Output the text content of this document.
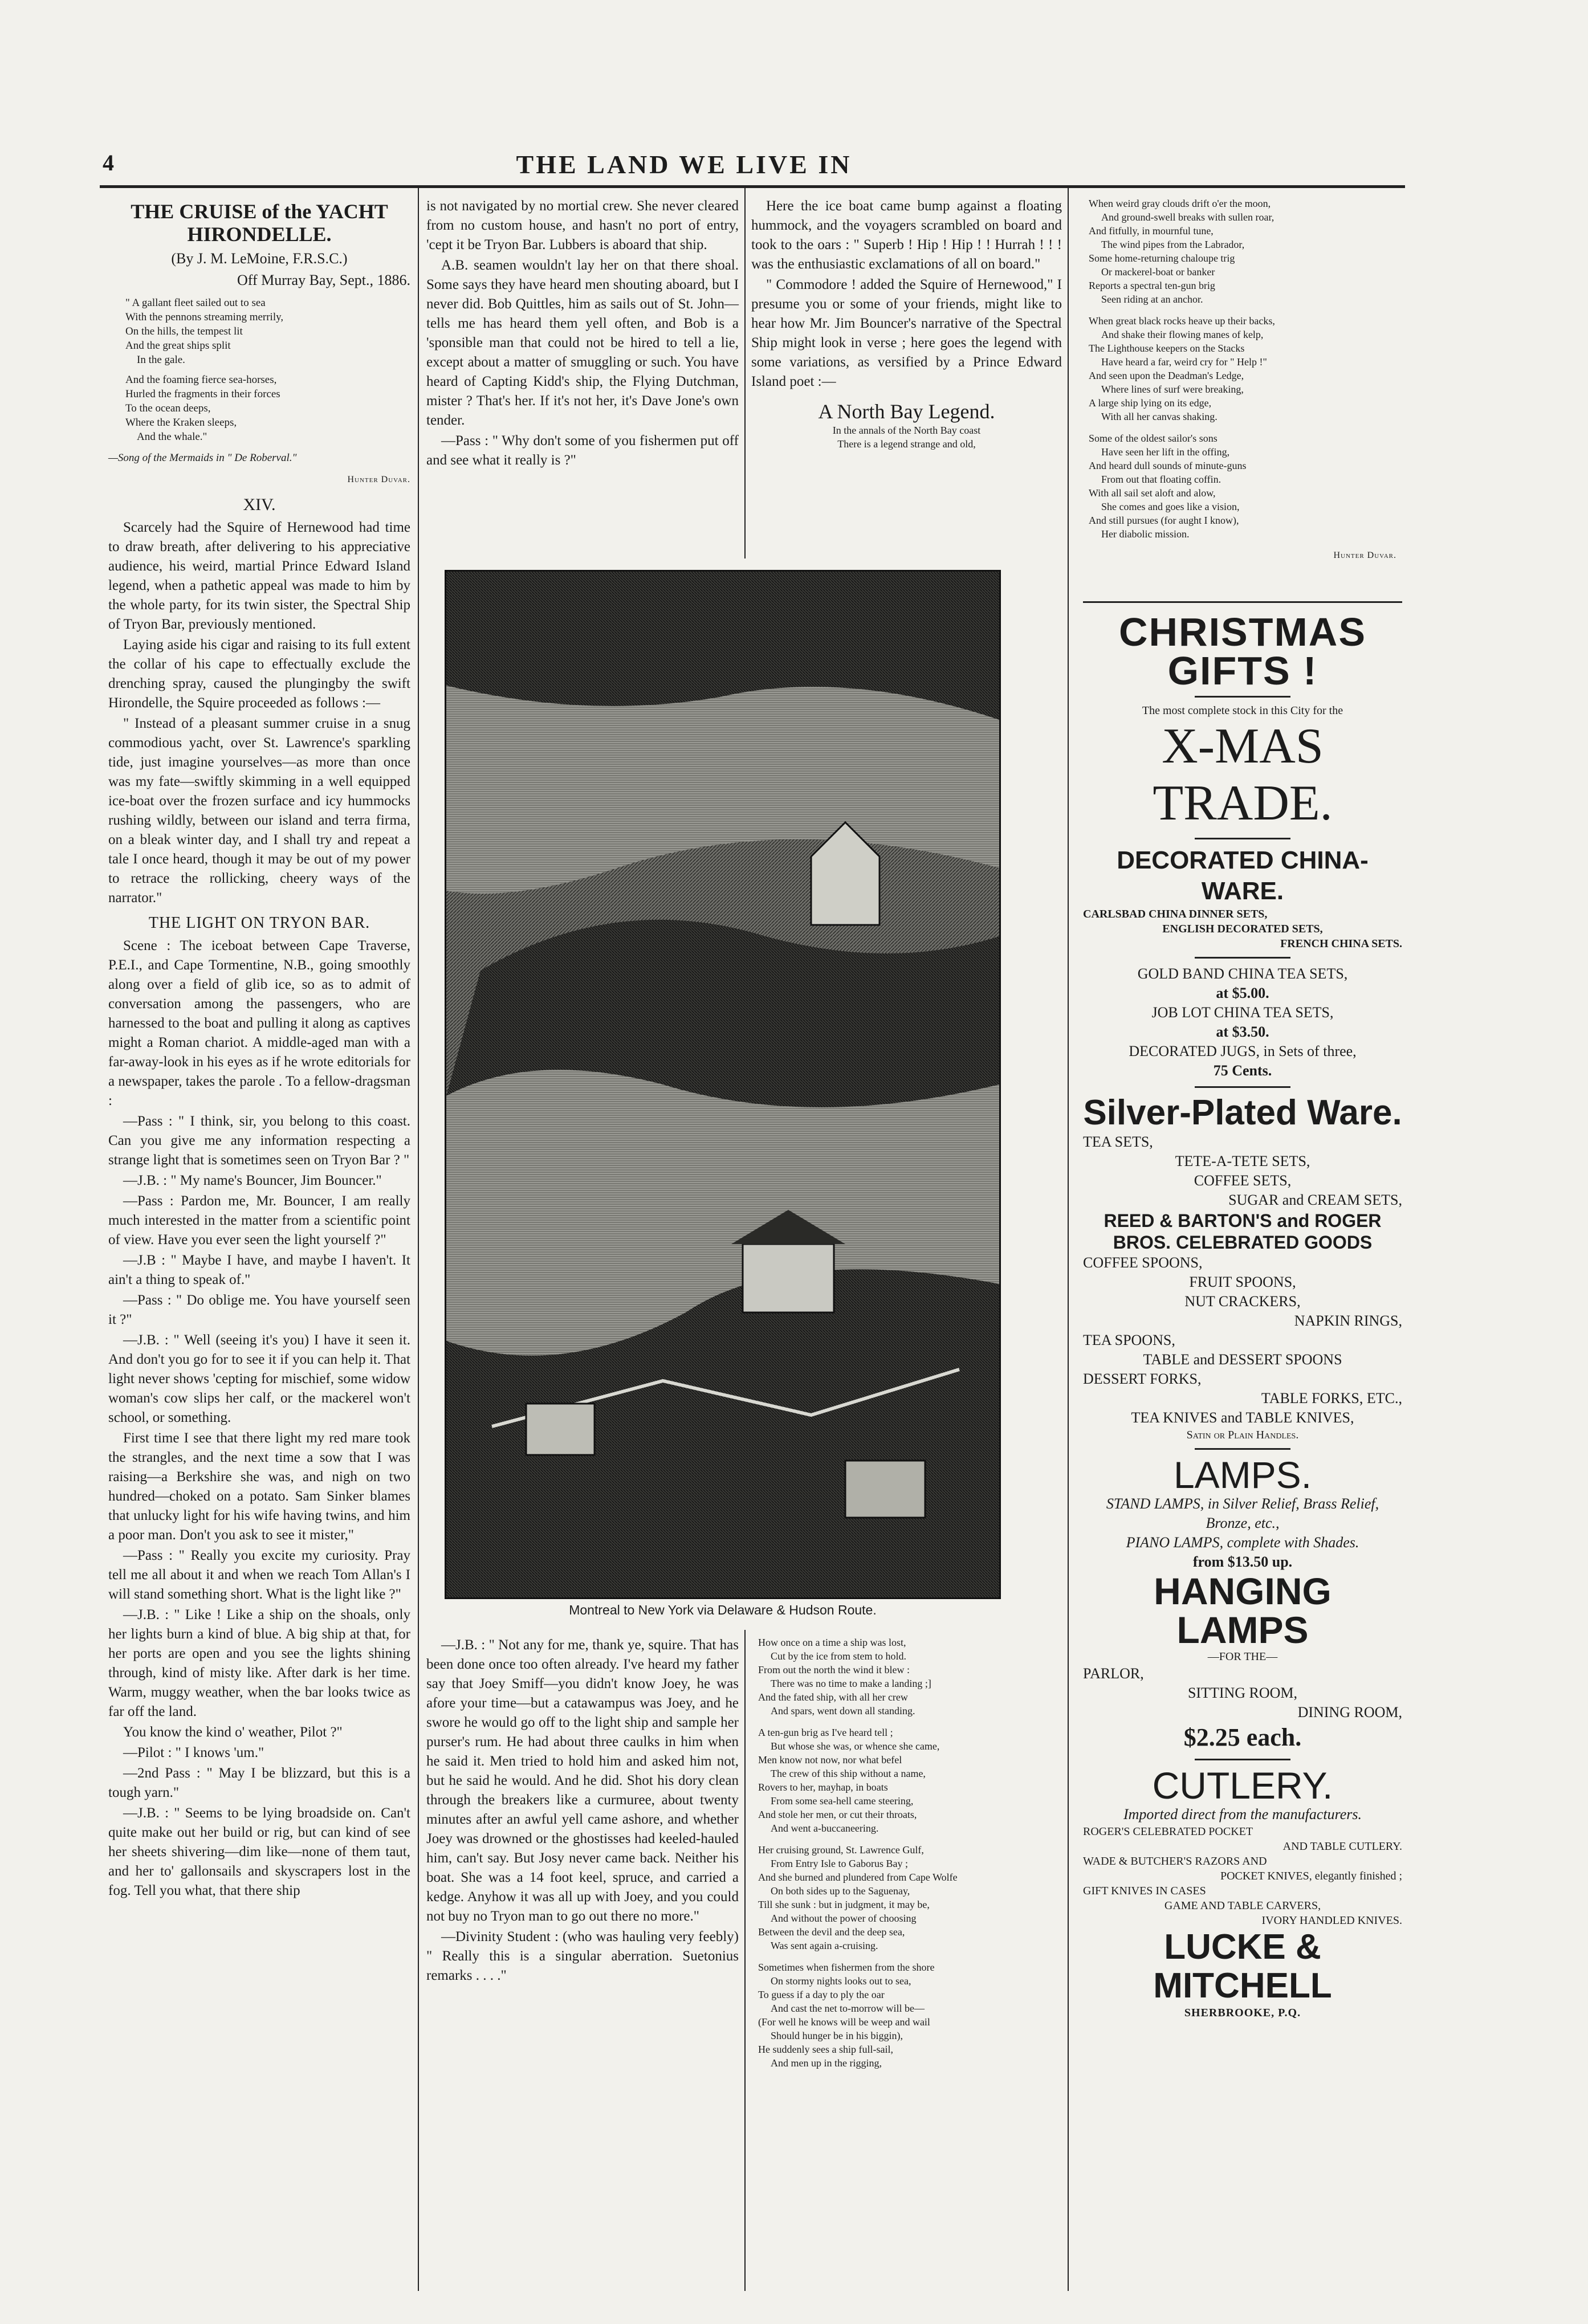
4	THE LAND WE LIVE IN
THE CRUISE of the YACHT HIRONDELLE.
(By J. M. LeMoine, F.R.S.C.)
Off Murray Bay, Sept., 1886.
" A gallant fleet sailed out to sea
With the pennons streaming merrily,
On the hills, the tempest lit
And the great ships split
In the gale.
And the foaming fierce sea-horses,
Hurled the fragments in their forces
To the ocean deeps,
Where the Kraken sleeps,
And the whale."
—Song of the Mermaids in " De Roberval."
Hunter Duvar.
XIV.

Scarcely had the Squire of Hernewood had time to draw breath, after delivering to his appreciative audience, his weird, martial Prince Edward Island legend, when a pathetic appeal was made to him by the whole party, for its twin sister, the Spectral Ship of Tryon Bar, previously mentioned.

Laying aside his cigar and raising to its full extent the collar of his cape to effectually exclude the drenching spray, caused the plungingby the swift Hirondelle, the Squire proceeded as follows :—

" Instead of a pleasant summer cruise in a snug commodious yacht, over St. Lawrence's sparkling tide, just imagine yourselves—as more than once was my fate—swiftly skimming in a well equipped ice-boat over the frozen surface and icy hummocks rushing wildly, between our island and terra firma, on a bleak winter day, and I shall try and repeat a tale I once heard, though it may be out of my power to retrace the rollicking, cheery ways of the narrator."

THE LIGHT ON TRYON BAR.

Scene : The iceboat between Cape Traverse, P.E.I., and Cape Tormentine, N.B., going smoothly along over a field of glib ice, so as to admit of conversation among the passengers, who are harnessed to the boat and pulling it along as captives might a Roman chariot. A middle-aged man with a far-away-look in his eyes as if he wrote editorials for a newspaper, takes the parole . To a fellow-dragsman :

—Pass : " I think, sir, you belong to this coast. Can you give me any information respecting a strange light that is sometimes seen on Tryon Bar ? "

—J.B. : " My name's Bouncer, Jim Bouncer."

—Pass : Pardon me, Mr. Bouncer, I am really much interested in the matter from a scientific point of view. Have you ever seen the light yourself ?"

—J.B : " Maybe I have, and maybe I haven't. It ain't a thing to speak of."

—Pass : " Do oblige me. You have yourself seen it ?"

—J.B. : " Well (seeing it's you) I have it seen it. And don't you go for to see it if you can help it. That light never shows 'cepting for mischief, some widow woman's cow slips her calf, or the mackerel won't school, or something.

First time I see that there light my red mare took the strangles, and the next time a sow that I was raising—a Berkshire she was, and nigh on two hundred—choked on a potato. Sam Sinker blames that unlucky light for his wife having twins, and him a poor man. Don't you ask to see it mister,"

—Pass : " Really you excite my curiosity. Pray tell me all about it and when we reach Tom Allan's I will stand something short. What is the light like ?"

—J.B. : " Like ! Like a ship on the shoals, only her lights burn a kind of blue. A big ship at that, for her ports are open and you see the lights shining through, kind of misty like. After dark is her time. Warm, muggy weather, when the bar looks twice as far off the land.

You know the kind o' weather, Pilot ?"

—Pilot : " I knows 'um."

—2nd Pass : " May I be blizzard, but this is a tough yarn."

—J.B. : " Seems to be lying broadside on. Can't quite make out her build or rig, but can kind of see her sheets shivering—dim like—none of them taut, and her to' gallonsails and skyscrapers lost in the fog. Tell you what, that there ship

is not navigated by no mortial crew. She never cleared from no custom house, and hasn't no port of entry, 'cept it be Tryon Bar. Lubbers is aboard that ship.

A.B. seamen wouldn't lay her on that there shoal. Some says they have heard men shouting aboard, but I never did. Bob Quittles, him as sails out of St. John—tells me has heard them yell often, and Bob is a 'sponsible man that could not be hired to tell a lie, except about a matter of smuggling or such. You have heard of Capting Kidd's ship, the Flying Dutchman, mister ? That's her. If it's not her, it's Dave Jone's own tender.

—Pass : " Why don't some of you fishermen put off and see what it really is ?"

Here the ice boat came bump against a floating hummock, and the voyagers scrambled on board and took to the oars : " Superb ! Hip ! Hip ! ! Hurrah ! ! ! was the enthusiastic exclamations of all on board."

" Commodore ! added the Squire of Hernewood," I presume you or some of your friends, might like to hear how Mr. Jim Bouncer's narrative of the Spectral Ship might look in verse ; here goes the legend with some variations, as versified by a Prince Edward Island poet :—

A North Bay Legend.
In the annals of the North Bay coast
There is a legend strange and old,
Montreal to New York via Delaware & Hudson Route.

—J.B. : " Not any for me, thank ye, squire. That has been done once too often already. I've heard my father say that Joey Smiff—you didn't know Joey, he was afore your time—but a catawampus was Joey, and he swore he would go off to the light ship and sample her purser's rum. He had about three caulks in him when he said it. Men tried to hold him and asked him not, but he said he would. And he did. Shot his dory clean through the breakers like a curmuree, about twenty minutes after an awful yell came ashore, and whether Joey was drowned or the ghostisses had keeled-hauled him, can't say. But Josy never came back. Neither his boat. She was a 14 foot keel, spruce, and carried a kedge. Anyhow it was all up with Joey, and you could not buy no Tryon man to go out there no more."

—Divinity Student : (who was hauling very feebly) " Really this is a singular aberration. Suetonius remarks . . . ."

How once on a time a ship was lost,
Cut by the ice from stem to hold.
From out the north the wind it blew :
There was no time to make a landing ;]
And the fated ship, with all her crew
And spars, went down all standing.
A ten-gun brig as I've heard tell ;
But whose she was, or whence she came,
Men know not now, nor what befel
The crew of this ship without a name,
Rovers to her, mayhap, in boats
From some sea-hell came steering,
And stole her men, or cut their throats,
And went a-buccaneering.
Her cruising ground, St. Lawrence Gulf,
From Entry Isle to Gaborus Bay ;
And she burned and plundered from Cape Wolfe
On both sides up to the Saguenay,
Till she sunk : but in judgment, it may be,
And without the power of choosing
Between the devil and the deep sea,
Was sent again a-cruising.
Sometimes when fishermen from the shore
On stormy nights looks out to sea,
To guess if a day to ply the oar
And cast the net to-morrow will be—
(For well he knows will be weep and wail
Should hunger be in his biggin),
He suddenly sees a ship full-sail,
And men up in the rigging,
When weird gray clouds drift o'er the moon,
And ground-swell breaks with sullen roar,
And fitfully, in mournful tune,
The wind pipes from the Labrador,
Some home-returning chaloupe trig
Or mackerel-boat or banker
Reports a spectral ten-gun brig
Seen riding at an anchor.
When great black rocks heave up their backs,
And shake their flowing manes of kelp,
The Lighthouse keepers on the Stacks
Have heard a far, weird cry for " Help !"
And seen upon the Deadman's Ledge,
Where lines of surf were breaking,
A large ship lying on its edge,
With all her canvas shaking.
Some of the oldest sailor's sons
Have seen her lift in the offing,
And heard dull sounds of minute-guns
From out that floating coffin.
With all sail set aloft and alow,
She comes and goes like a vision,
And still pursues (for aught I know),
Her diabolic mission.
Hunter Duvar.
CHRISTMAS GIFTS !
The most complete stock in this City for the
X-MAS TRADE.
DECORATED CHINA-WARE.
CARLSBAD CHINA DINNER SETS,
ENGLISH DECORATED SETS,
FRENCH CHINA SETS.
GOLD BAND CHINA TEA SETS,
at $5.00.
JOB LOT CHINA TEA SETS,
at $3.50.
DECORATED JUGS, in Sets of three,
75 Cents.
Silver-Plated Ware.
TEA SETS,
TETE-A-TETE SETS,
COFFEE SETS,
SUGAR and CREAM SETS,
REED & BARTON'S and ROGER BROS. CELEBRATED GOODS
COFFEE SPOONS,
FRUIT SPOONS,
NUT CRACKERS,
NAPKIN RINGS,
TEA SPOONS,
TABLE and DESSERT SPOONS
DESSERT FORKS,
TABLE FORKS, ETC.,
TEA KNIVES and TABLE KNIVES,
Satin or Plain Handles.
LAMPS.
STAND LAMPS, in Silver Relief, Brass Relief, Bronze, etc.,
PIANO LAMPS, complete with Shades.
from $13.50 up.
HANGING LAMPS
—FOR THE—
PARLOR,
SITTING ROOM,
DINING ROOM,
$2.25 each.
CUTLERY.
Imported direct from the manufacturers.
ROGER'S CELEBRATED POCKET
AND TABLE CUTLERY.
WADE & BUTCHER'S RAZORS AND
POCKET KNIVES, elegantly finished ;
GIFT KNIVES IN CASES
GAME AND TABLE CARVERS,
IVORY HANDLED KNIVES.
LUCKE & MITCHELL
SHERBROOKE, P.Q.
